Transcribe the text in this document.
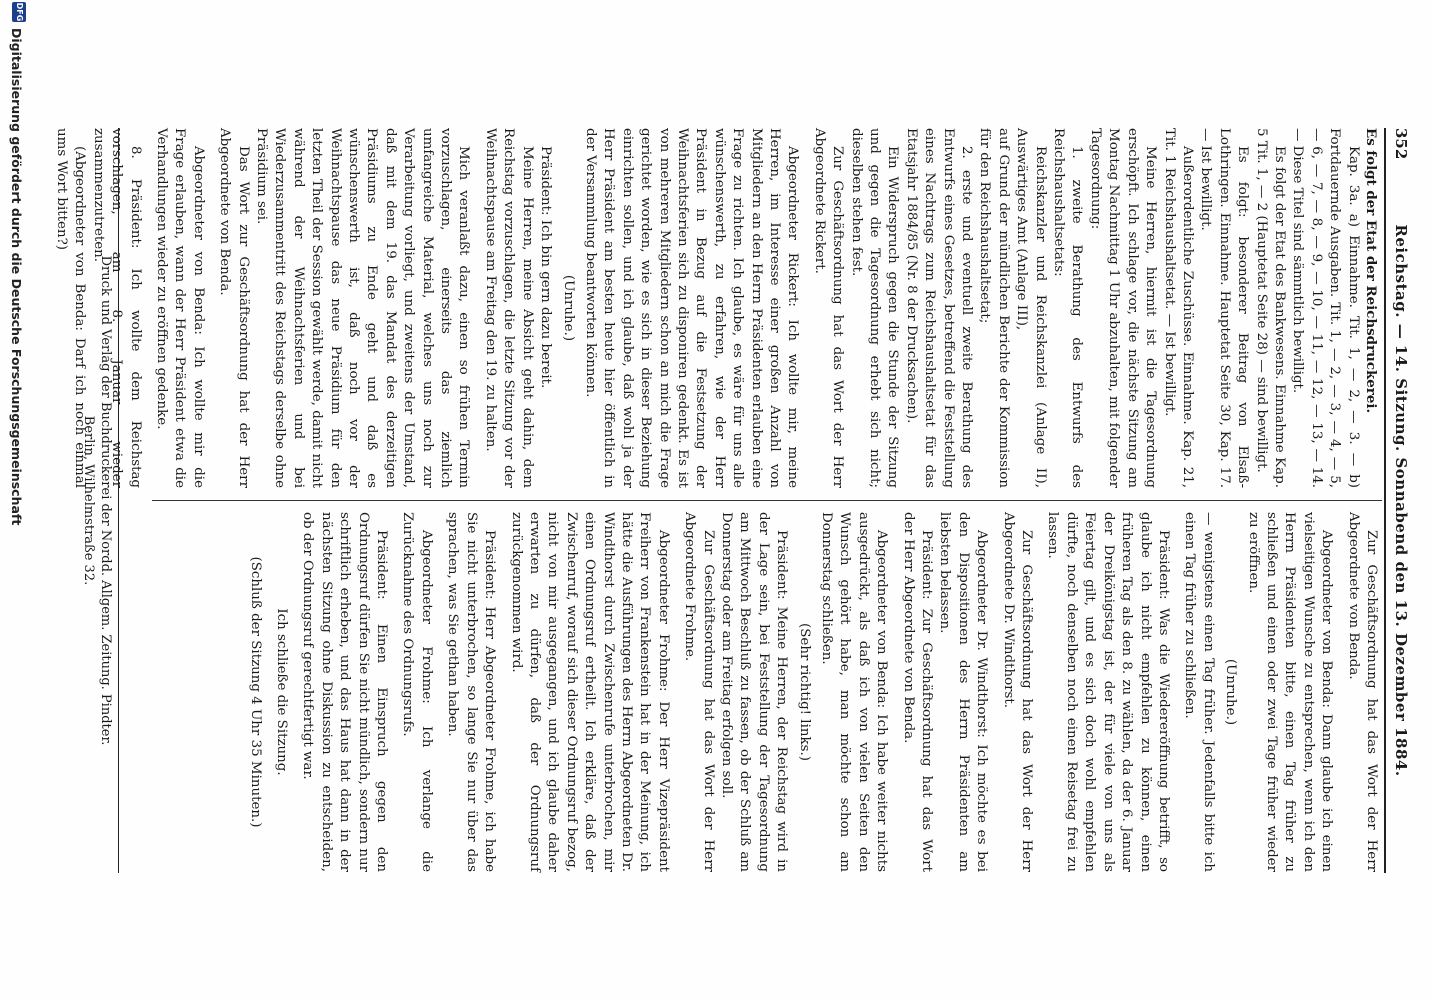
352
Reichstag. — 14. Sitzung. Sonnabend den 13. Dezember 1884.

Es folgt der Etat der Reichsdruckerei.

Kap. 3a. a) Einnahme. Tit. 1, — 2, — 3. — b) Fortdauernde Ausgaben. Tit. 1, — 2, — 3, — 4, — 5, — 6, — 7, — 8, — 9, — 10, — 11, — 12, — 13, — 14. — Diese Titel sind sämmtlich bewilligt.

Es folgt der Etat des Bankwesens. Einnahme Kap. 5 Tit. 1, — 2 (Hauptetat Seite 28) — sind bewilligt.

Es folgt: besonderer Beitrag von Elsaß-Lothringen. Einnahme. Hauptetat Seite 30, Kap. 17. — Ist bewilligt.

Außerordentliche Zuschüsse. Einnahme. Kap. 21, Tit. 1 Reichshaushaltsetat. — Ist bewilligt.

Meine Herren, hiermit ist die Tagesordnung erschöpft. Ich schlage vor, die nächste Sitzung am Montag Nachmittag 1 Uhr abzuhalten, mit folgender Tagesordnung:

1. zweite Berathung des Entwurfs des Reichshaushaltsetats:

Reichskanzler und Reichskanzlei (Anlage II), Auswärtiges Amt (Anlage III),

auf Grund der mündlichen Berichte der Kommission für den Reichshaushaltsetat;

2. erste und eventuell zweite Berathung des Entwurfs eines Gesetzes, betreffend die Feststellung eines Nachtrags zum Reichshaushaltsetat für das Etatsjahr 1884/85 (Nr. 8 der Drucksachen).

Ein Widerspruch gegen die Stunde der Sitzung und gegen die Tagesordnung erhebt sich nicht; dieselben stehen fest.

Zur Geschäftsordnung hat das Wort der Herr Abgeordnete Rickert.

Abgeordneter Rickert: Ich wollte mir, meine Herren, im Interesse einer großen Anzahl von Mitgliedern an den Herrn Präsidenten erlauben eine Frage zu richten. Ich glaube, es wäre für uns alle wünschenswerth, zu erfahren, wie der Herr Präsident in Bezug auf die Festsetzung der Weihnachtsferien sich zu disponiren gedenkt. Es ist von mehreren Mitgliedern schon an mich die Frage gerichtet worden, wie es sich in dieser Beziehung einrichten sollen, und ich glaube, daß wohl ja der Herr Präsident am besten heute hier öffentlich in der Versammlung beantworten können.

(Unruhe.)

Präsident: Ich bin gern dazu bereit.

Meine Herren, meine Absicht geht dahin, dem Reichstag vorzuschlagen, die letzte Sitzung vor der Weihnachtspause am Freitag den 19. zu halten.

Mich veranlaßt dazu, einen so frühen Termin vorzuschlagen, einerseits das ziemlich umfangreiche Material, welches uns noch zur Verarbeitung vorliegt, und zweitens der Umstand, daß mit dem 19. das Mandat des derzeitigen Präsidiums zu Ende geht und daß es wünschenswerth ist, daß noch vor der Weihnachtspause das neue Präsidium für den letzten Theil der Session gewählt werde, damit nicht während der Weihnachtsferien und bei Wiederzusammentritt des Reichstags derselbe ohne Präsidium sei.

Das Wort zur Geschäftsordnung hat der Herr Abgeordnete von Benda.

Abgeordneter von Benda: Ich wollte mir die Frage erlauben, wann der Herr Präsident etwa die Verhandlungen wieder zu eröffnen gedenke.

8. Präsident: Ich wollte dem Reichstag vorschlagen, am 8. Januar wieder zusammenzutreten.

(Abgeordneter von Benda: Darf ich noch einmal ums Wort bitten?)

Zur Geschäftsordnung hat das Wort der Herr Abgeordnete von Benda.

Abgeordneter von Benda: Dann glaube ich einen vielseitigen Wunsche zu entsprechen, wenn ich den Herrn Präsidenten bitte, einen Tag früher zu schließen und einen oder zwei Tage früher wieder zu eröffnen.

(Unruhe.)

— wenigstens einen Tag früher. Jedenfalls bitte ich einen Tag früher zu schließen.

Präsident: Was die Wiedereröffnung betrifft, so glaube ich nicht empfehlen zu können, einen früheren Tag als den 8. zu wählen, da der 6. Januar der Dreikönigstag ist, der für viele von uns als Feiertag gilt, und es sich doch wohl empfehlen dürfte, noch denselben noch einen Reisetag frei zu lassen.

Zur Geschäftsordnung hat das Wort der Herr Abgeordnete Dr. Windthorst.

Abgeordneter Dr. Windthorst: Ich möchte es bei den Dispositionen des Herrn Präsidenten am liebsten belassen.

Präsident: Zur Geschäftsordnung hat das Wort der Herr Abgeordnete von Benda.

Abgeordneter von Benda: Ich habe weiter nichts ausgedrückt, als daß ich von vielen Seiten den Wunsch gehört habe, man möchte schon am Donnerstag schließen.

(Sehr richtig! links.)

Präsident: Meine Herren, der Reichstag wird in der Lage sein, bei Feststellung der Tagesordnung am Mittwoch Beschluß zu fassen, ob der Schluß am Donnerstag oder am Freitag erfolgen soll.

Zur Geschäftsordnung hat das Wort der Herr Abgeordnete Frohme.

Abgeordneter Frohme: Der Herr Vizepräsident Freiherr von Frankenstein hat in der Meinung, ich hätte die Ausführungen des Herrn Abgeordneten Dr. Windthorst durch Zwischenrufe unterbrochen, mir einen Ordnungsruf ertheilt. Ich erkläre, daß der Zwischenruf, worauf sich dieser Ordnungsruf bezog, nicht von mir ausgegangen, und ich glaube daher erwarten zu dürfen, daß der Ordnungsruf zurückgenommen wird.

Präsident: Herr Abgeordneter Frohme, ich habe Sie nicht unterbrochen, so lange Sie nur über das sprachen, was Sie gethan haben.

Abgeordneter Frohme: Ich verlange die Zurücknahme des Ordnungsrufs.

Präsident: Einen Einspruch gegen den Ordnungsruf dürfen Sie nicht mündlich, sondern nur schriftlich erheben, und das Haus hat dann in der nächsten Sitzung ohne Diskussion zu entscheiden, ob der Ordnungsruf gerechtfertigt war.

Ich schließe die Sitzung.

(Schluß der Sitzung 4 Uhr 35 Minuten.)

Druck und Verlag der Buchdruckerei der Nordd. Allgem. Zeitung. Pindter.
Berlin, Wilhelmstraße 32.
DFG
Digitalisierung gefördert durch die Deutsche Forschungsgemeinschaft
